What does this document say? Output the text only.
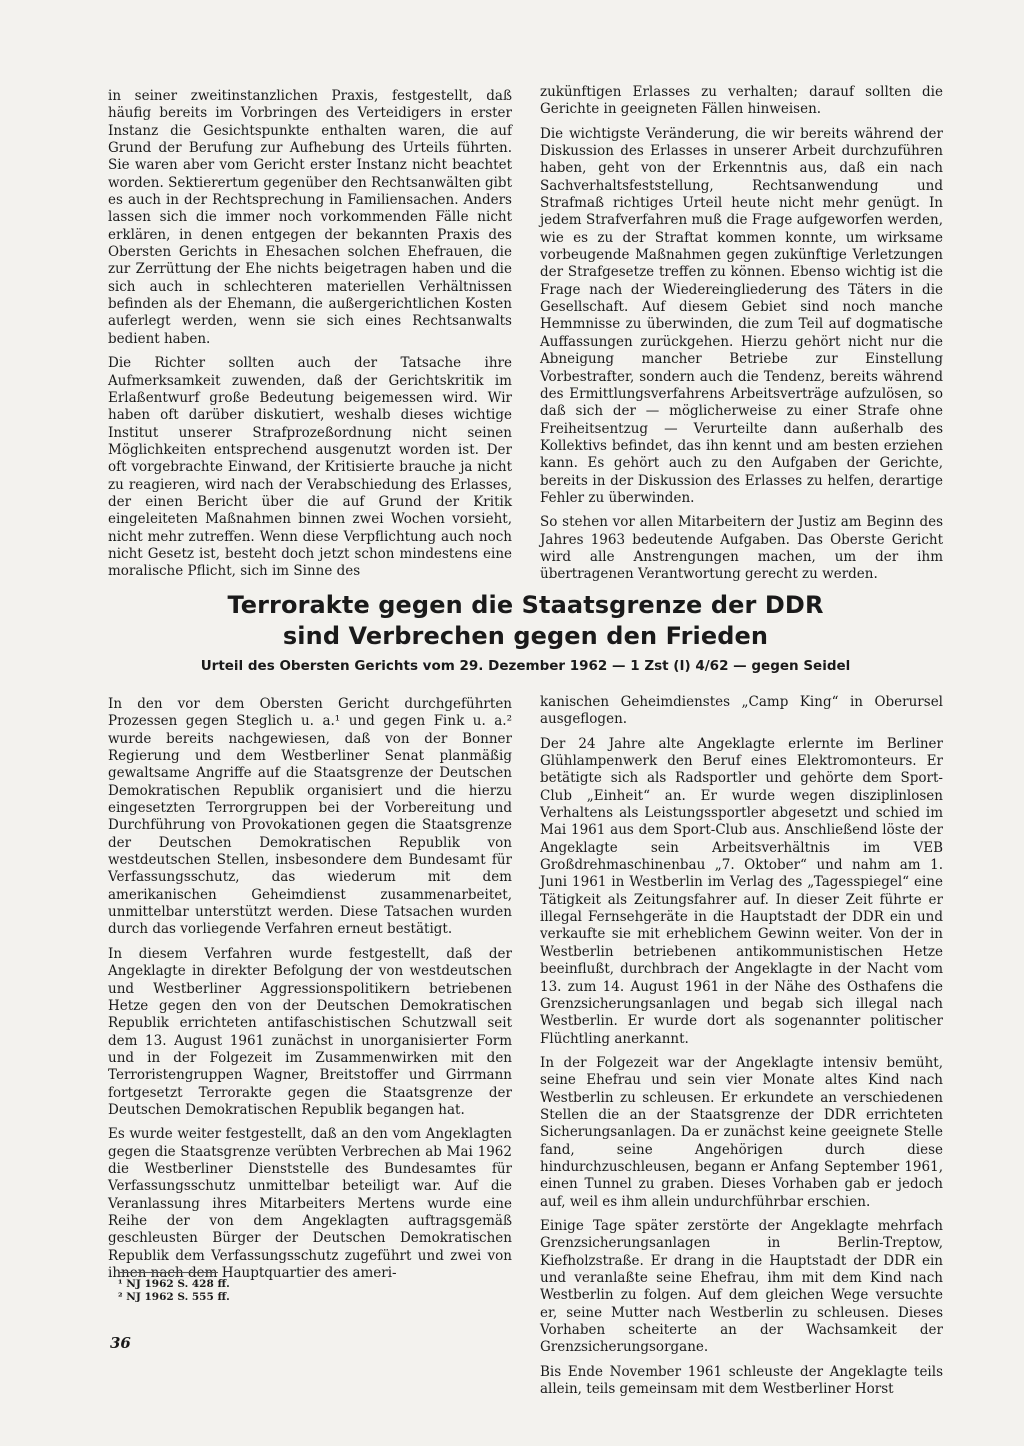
in seiner zweitinstanzlichen Praxis, festgestellt, daß häufig bereits im Vorbringen des Verteidigers in erster Instanz die Gesichtspunkte enthalten waren, die auf Grund der Berufung zur Aufhebung des Urteils führten. Sie waren aber vom Gericht erster Instanz nicht beachtet worden. Sektierertum gegenüber den Rechtsanwälten gibt es auch in der Rechtsprechung in Familiensachen. Anders lassen sich die immer noch vorkommenden Fälle nicht erklären, in denen entgegen der bekannten Praxis des Obersten Gerichts in Ehesachen solchen Ehefrauen, die zur Zerrüttung der Ehe nichts beigetragen haben und die sich auch in schlechteren materiellen Verhältnissen befinden als der Ehemann, die außergerichtlichen Kosten auferlegt werden, wenn sie sich eines Rechtsanwalts bedient haben.

Die Richter sollten auch der Tatsache ihre Aufmerksamkeit zuwenden, daß der Gerichtskritik im Erlaßentwurf große Bedeutung beigemessen wird. Wir haben oft darüber diskutiert, weshalb dieses wichtige Institut unserer Strafprozeßordnung nicht seinen Möglichkeiten entsprechend ausgenutzt worden ist. Der oft vorgebrachte Einwand, der Kritisierte brauche ja nicht zu reagieren, wird nach der Verabschiedung des Erlasses, der einen Bericht über die auf Grund der Kritik eingeleiteten Maßnahmen binnen zwei Wochen vorsieht, nicht mehr zutreffen. Wenn diese Verpflichtung auch noch nicht Gesetz ist, besteht doch jetzt schon mindestens eine moralische Pflicht, sich im Sinne des

zukünftigen Erlasses zu verhalten; darauf sollten die Gerichte in geeigneten Fällen hinweisen.

Die wichtigste Veränderung, die wir bereits während der Diskussion des Erlasses in unserer Arbeit durchzuführen haben, geht von der Erkenntnis aus, daß ein nach Sachverhaltsfeststellung, Rechtsanwendung und Strafmaß richtiges Urteil heute nicht mehr genügt. In jedem Strafverfahren muß die Frage aufgeworfen werden, wie es zu der Straftat kommen konnte, um wirksame vorbeugende Maßnahmen gegen zukünftige Verletzungen der Strafgesetze treffen zu können. Ebenso wichtig ist die Frage nach der Wiedereingliederung des Täters in die Gesellschaft. Auf diesem Gebiet sind noch manche Hemmnisse zu überwinden, die zum Teil auf dogmatische Auffassungen zurückgehen. Hierzu gehört nicht nur die Abneigung mancher Betriebe zur Einstellung Vorbestrafter, sondern auch die Tendenz, bereits während des Ermittlungsverfahrens Arbeitsverträge aufzulösen, so daß sich der — möglicherweise zu einer Strafe ohne Freiheitsentzug — Verurteilte dann außerhalb des Kollektivs befindet, das ihn kennt und am besten erziehen kann. Es gehört auch zu den Aufgaben der Gerichte, bereits in der Diskussion des Erlasses zu helfen, derartige Fehler zu überwinden.

So stehen vor allen Mitarbeitern der Justiz am Beginn des Jahres 1963 bedeutende Aufgaben. Das Oberste Gericht wird alle Anstrengungen machen, um der ihm übertragenen Verantwortung gerecht zu werden.

Terrorakte gegen die Staatsgrenze der DDR
sind Verbrechen gegen den Frieden
Urteil des Obersten Gerichts vom 29. Dezember 1962 — 1 Zst (I) 4/62 — gegen Seidel

In den vor dem Obersten Gericht durchgeführten Prozessen gegen Steglich u. a.¹ und gegen Fink u. a.² wurde bereits nachgewiesen, daß von der Bonner Regierung und dem Westberliner Senat planmäßig gewaltsame Angriffe auf die Staatsgrenze der Deutschen Demokratischen Republik organisiert und die hierzu eingesetzten Terrorgruppen bei der Vorbereitung und Durchführung von Provokationen gegen die Staatsgrenze der Deutschen Demokratischen Republik von westdeutschen Stellen, insbesondere dem Bundesamt für Verfassungsschutz, das wiederum mit dem amerikanischen Geheimdienst zusammenarbeitet, unmittelbar unterstützt werden. Diese Tatsachen wurden durch das vorliegende Verfahren erneut bestätigt.

In diesem Verfahren wurde festgestellt, daß der Angeklagte in direkter Befolgung der von westdeutschen und Westberliner Aggressionspolitikern betriebenen Hetze gegen den von der Deutschen Demokratischen Republik errichteten antifaschistischen Schutzwall seit dem 13. August 1961 zunächst in unorganisierter Form und in der Folgezeit im Zusammenwirken mit den Terroristengruppen Wagner, Breitstoffer und Girrmann fortgesetzt Terrorakte gegen die Staatsgrenze der Deutschen Demokratischen Republik begangen hat.

Es wurde weiter festgestellt, daß an den vom Angeklagten gegen die Staatsgrenze verübten Verbrechen ab Mai 1962 die Westberliner Dienststelle des Bundesamtes für Verfassungsschutz unmittelbar beteiligt war. Auf die Veranlassung ihres Mitarbeiters Mertens wurde eine Reihe der von dem Angeklagten auftragsgemäß geschleusten Bürger der Deutschen Demokratischen Republik dem Verfassungsschutz zugeführt und zwei von ihnen nach dem Hauptquartier des ameri-

kanischen Geheimdienstes „Camp King“ in Oberursel ausgeflogen.

Der 24 Jahre alte Angeklagte erlernte im Berliner Glühlampenwerk den Beruf eines Elektromonteurs. Er betätigte sich als Radsportler und gehörte dem Sport-Club „Einheit“ an. Er wurde wegen disziplinlosen Verhaltens als Leistungssportler abgesetzt und schied im Mai 1961 aus dem Sport-Club aus. Anschließend löste der Angeklagte sein Arbeitsverhältnis im VEB Großdrehmaschinenbau „7. Oktober“ und nahm am 1. Juni 1961 in Westberlin im Verlag des „Tagesspiegel“ eine Tätigkeit als Zeitungsfahrer auf. In dieser Zeit führte er illegal Fernsehgeräte in die Hauptstadt der DDR ein und verkaufte sie mit erheblichem Gewinn weiter. Von der in Westberlin betriebenen antikommunistischen Hetze beeinflußt, durchbrach der Angeklagte in der Nacht vom 13. zum 14. August 1961 in der Nähe des Osthafens die Grenzsicherungsanlagen und begab sich illegal nach Westberlin. Er wurde dort als sogenannter politischer Flüchtling anerkannt.

In der Folgezeit war der Angeklagte intensiv bemüht, seine Ehefrau und sein vier Monate altes Kind nach Westberlin zu schleusen. Er erkundete an verschiedenen Stellen die an der Staatsgrenze der DDR errichteten Sicherungsanlagen. Da er zunächst keine geeignete Stelle fand, seine Angehörigen durch diese hindurchzuschleusen, begann er Anfang September 1961, einen Tunnel zu graben. Dieses Vorhaben gab er jedoch auf, weil es ihm allein undurchführbar erschien.

Einige Tage später zerstörte der Angeklagte mehrfach Grenzsicherungsanlagen in Berlin-Treptow, Kiefholzstraße. Er drang in die Hauptstadt der DDR ein und veranlaßte seine Ehefrau, ihm mit dem Kind nach Westberlin zu folgen. Auf dem gleichen Wege versuchte er, seine Mutter nach Westberlin zu schleusen. Dieses Vorhaben scheiterte an der Wachsamkeit der Grenzsicherungsorgane.

Bis Ende November 1961 schleuste der Angeklagte teils allein, teils gemeinsam mit dem Westberliner Horst

¹ NJ 1962 S. 428 ff.
² NJ 1962 S. 555 ff.
36
